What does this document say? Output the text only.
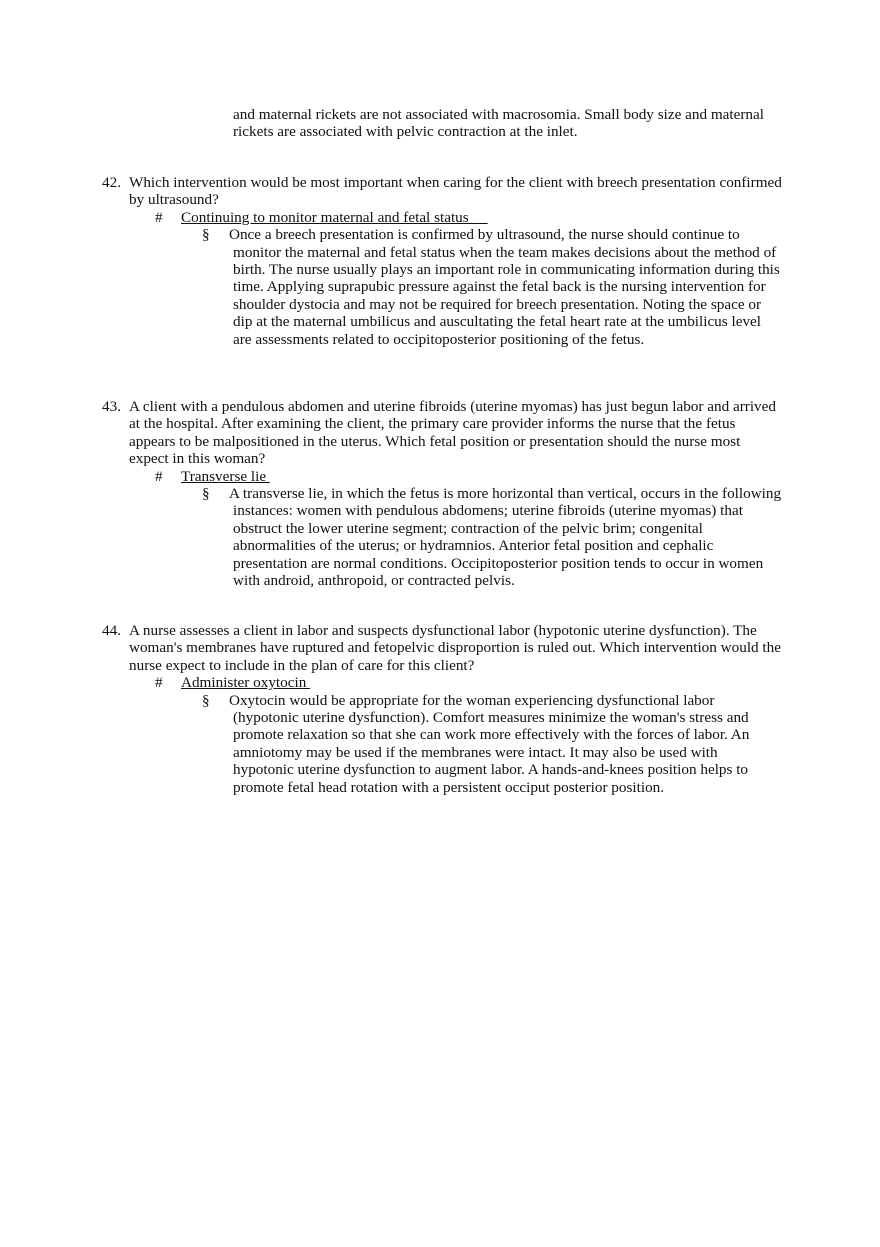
and maternal rickets are not associated with macrosomia. Small body size and maternal rickets are associated with pelvic contraction at the inlet.

42. Which intervention would be most important when caring for the client with breech presentation confirmed by ultrasound?

# Continuing to monitor maternal and fetal status

§ Once a breech presentation is confirmed by ultrasound, the nurse should continue to monitor the maternal and fetal status when the team makes decisions about the method of birth. The nurse usually plays an important role in communicating information during this time. Applying suprapubic pressure against the fetal back is the nursing intervention for shoulder dystocia and may not be required for breech presentation. Noting the space or dip at the maternal umbilicus and auscultating the fetal heart rate at the umbilicus level are assessments related to occipitoposterior positioning of the fetus.

43. A client with a pendulous abdomen and uterine fibroids (uterine myomas) has just begun labor and arrived at the hospital. After examining the client, the primary care provider informs the nurse that the fetus appears to be malpositioned in the uterus. Which fetal position or presentation should the nurse most expect in this woman?

# Transverse lie

§ A transverse lie, in which the fetus is more horizontal than vertical, occurs in the following instances: women with pendulous abdomens; uterine fibroids (uterine myomas) that obstruct the lower uterine segment; contraction of the pelvic brim; congenital abnormalities of the uterus; or hydramnios. Anterior fetal position and cephalic presentation are normal conditions. Occipitoposterior position tends to occur in women with android, anthropoid, or contracted pelvis.

44. A nurse assesses a client in labor and suspects dysfunctional labor (hypotonic uterine dysfunction). The woman's membranes have ruptured and fetopelvic disproportion is ruled out. Which intervention would the nurse expect to include in the plan of care for this client?

# Administer oxytocin

§ Oxytocin would be appropriate for the woman experiencing dysfunctional labor (hypotonic uterine dysfunction). Comfort measures minimize the woman's stress and promote relaxation so that she can work more effectively with the forces of labor. An amniotomy may be used if the membranes were intact. It may also be used with hypotonic uterine dysfunction to augment labor. A hands-and-knees position helps to promote fetal head rotation with a persistent occiput posterior position.
